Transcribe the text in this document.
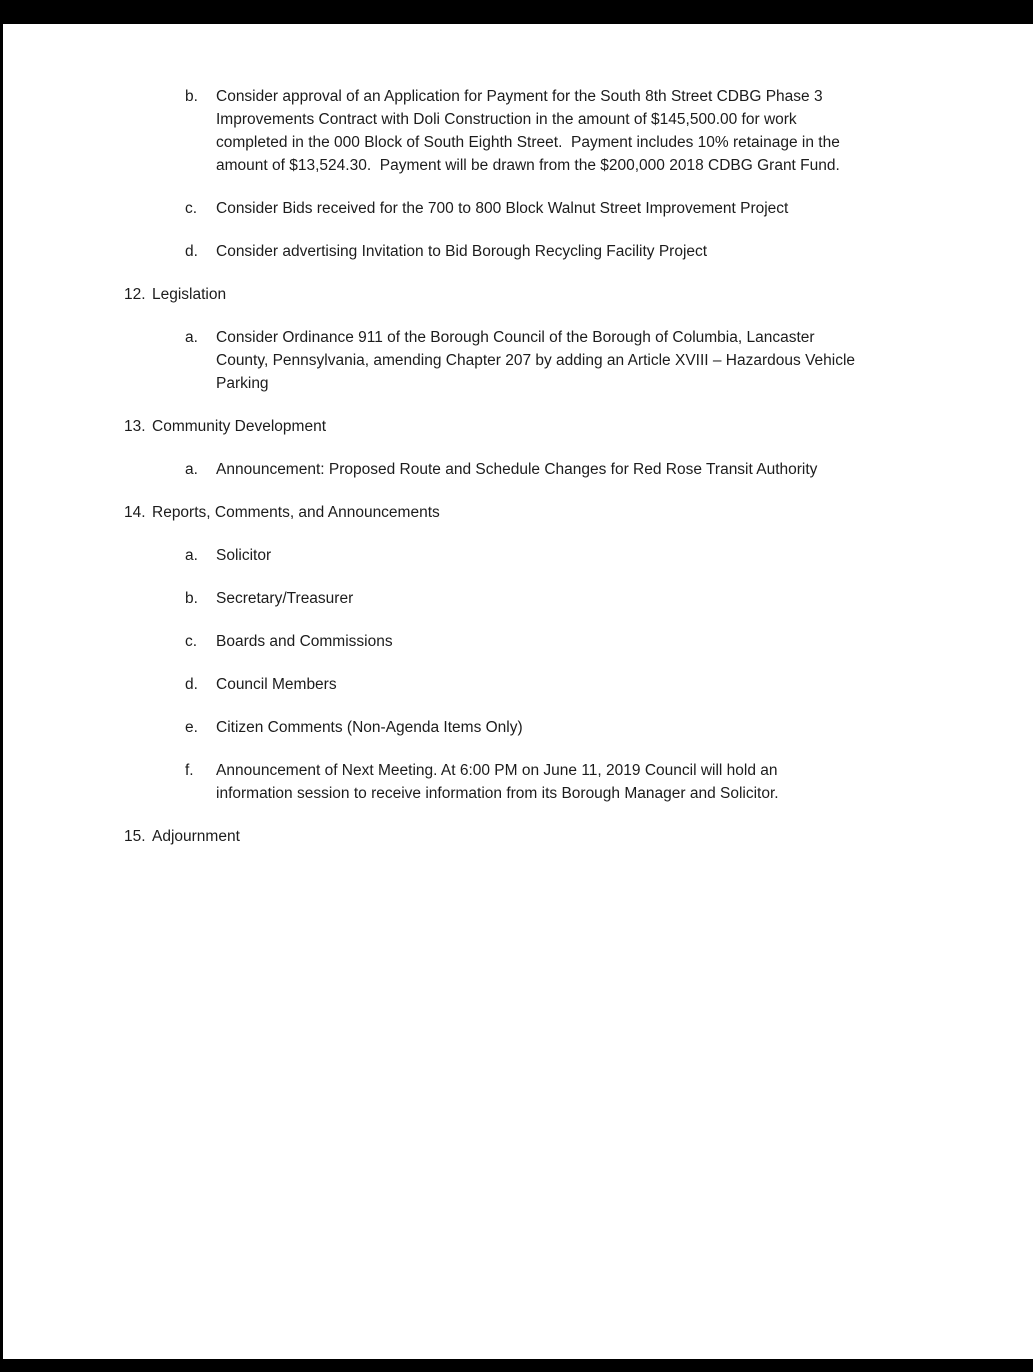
b. Consider approval of an Application for Payment for the South 8th Street CDBG Phase 3
Improvements Contract with Doli Construction in the amount of $145,500.00 for work
completed in the 000 Block of South Eighth Street.  Payment includes 10% retainage in the
amount of $13,524.30.  Payment will be drawn from the $200,000 2018 CDBG Grant Fund.
c. Consider Bids received for the 700 to 800 Block Walnut Street Improvement Project
d. Consider advertising Invitation to Bid Borough Recycling Facility Project
12. Legislation
a. Consider Ordinance 911 of the Borough Council of the Borough of Columbia, Lancaster
County, Pennsylvania, amending Chapter 207 by adding an Article XVIII – Hazardous Vehicle
Parking
13. Community Development
a. Announcement: Proposed Route and Schedule Changes for Red Rose Transit Authority
14. Reports, Comments, and Announcements
a. Solicitor
b. Secretary/Treasurer
c. Boards and Commissions
d. Council Members
e. Citizen Comments (Non-Agenda Items Only)
f. Announcement of Next Meeting. At 6:00 PM on June 11, 2019 Council will hold an
information session to receive information from its Borough Manager and Solicitor.
15. Adjournment
